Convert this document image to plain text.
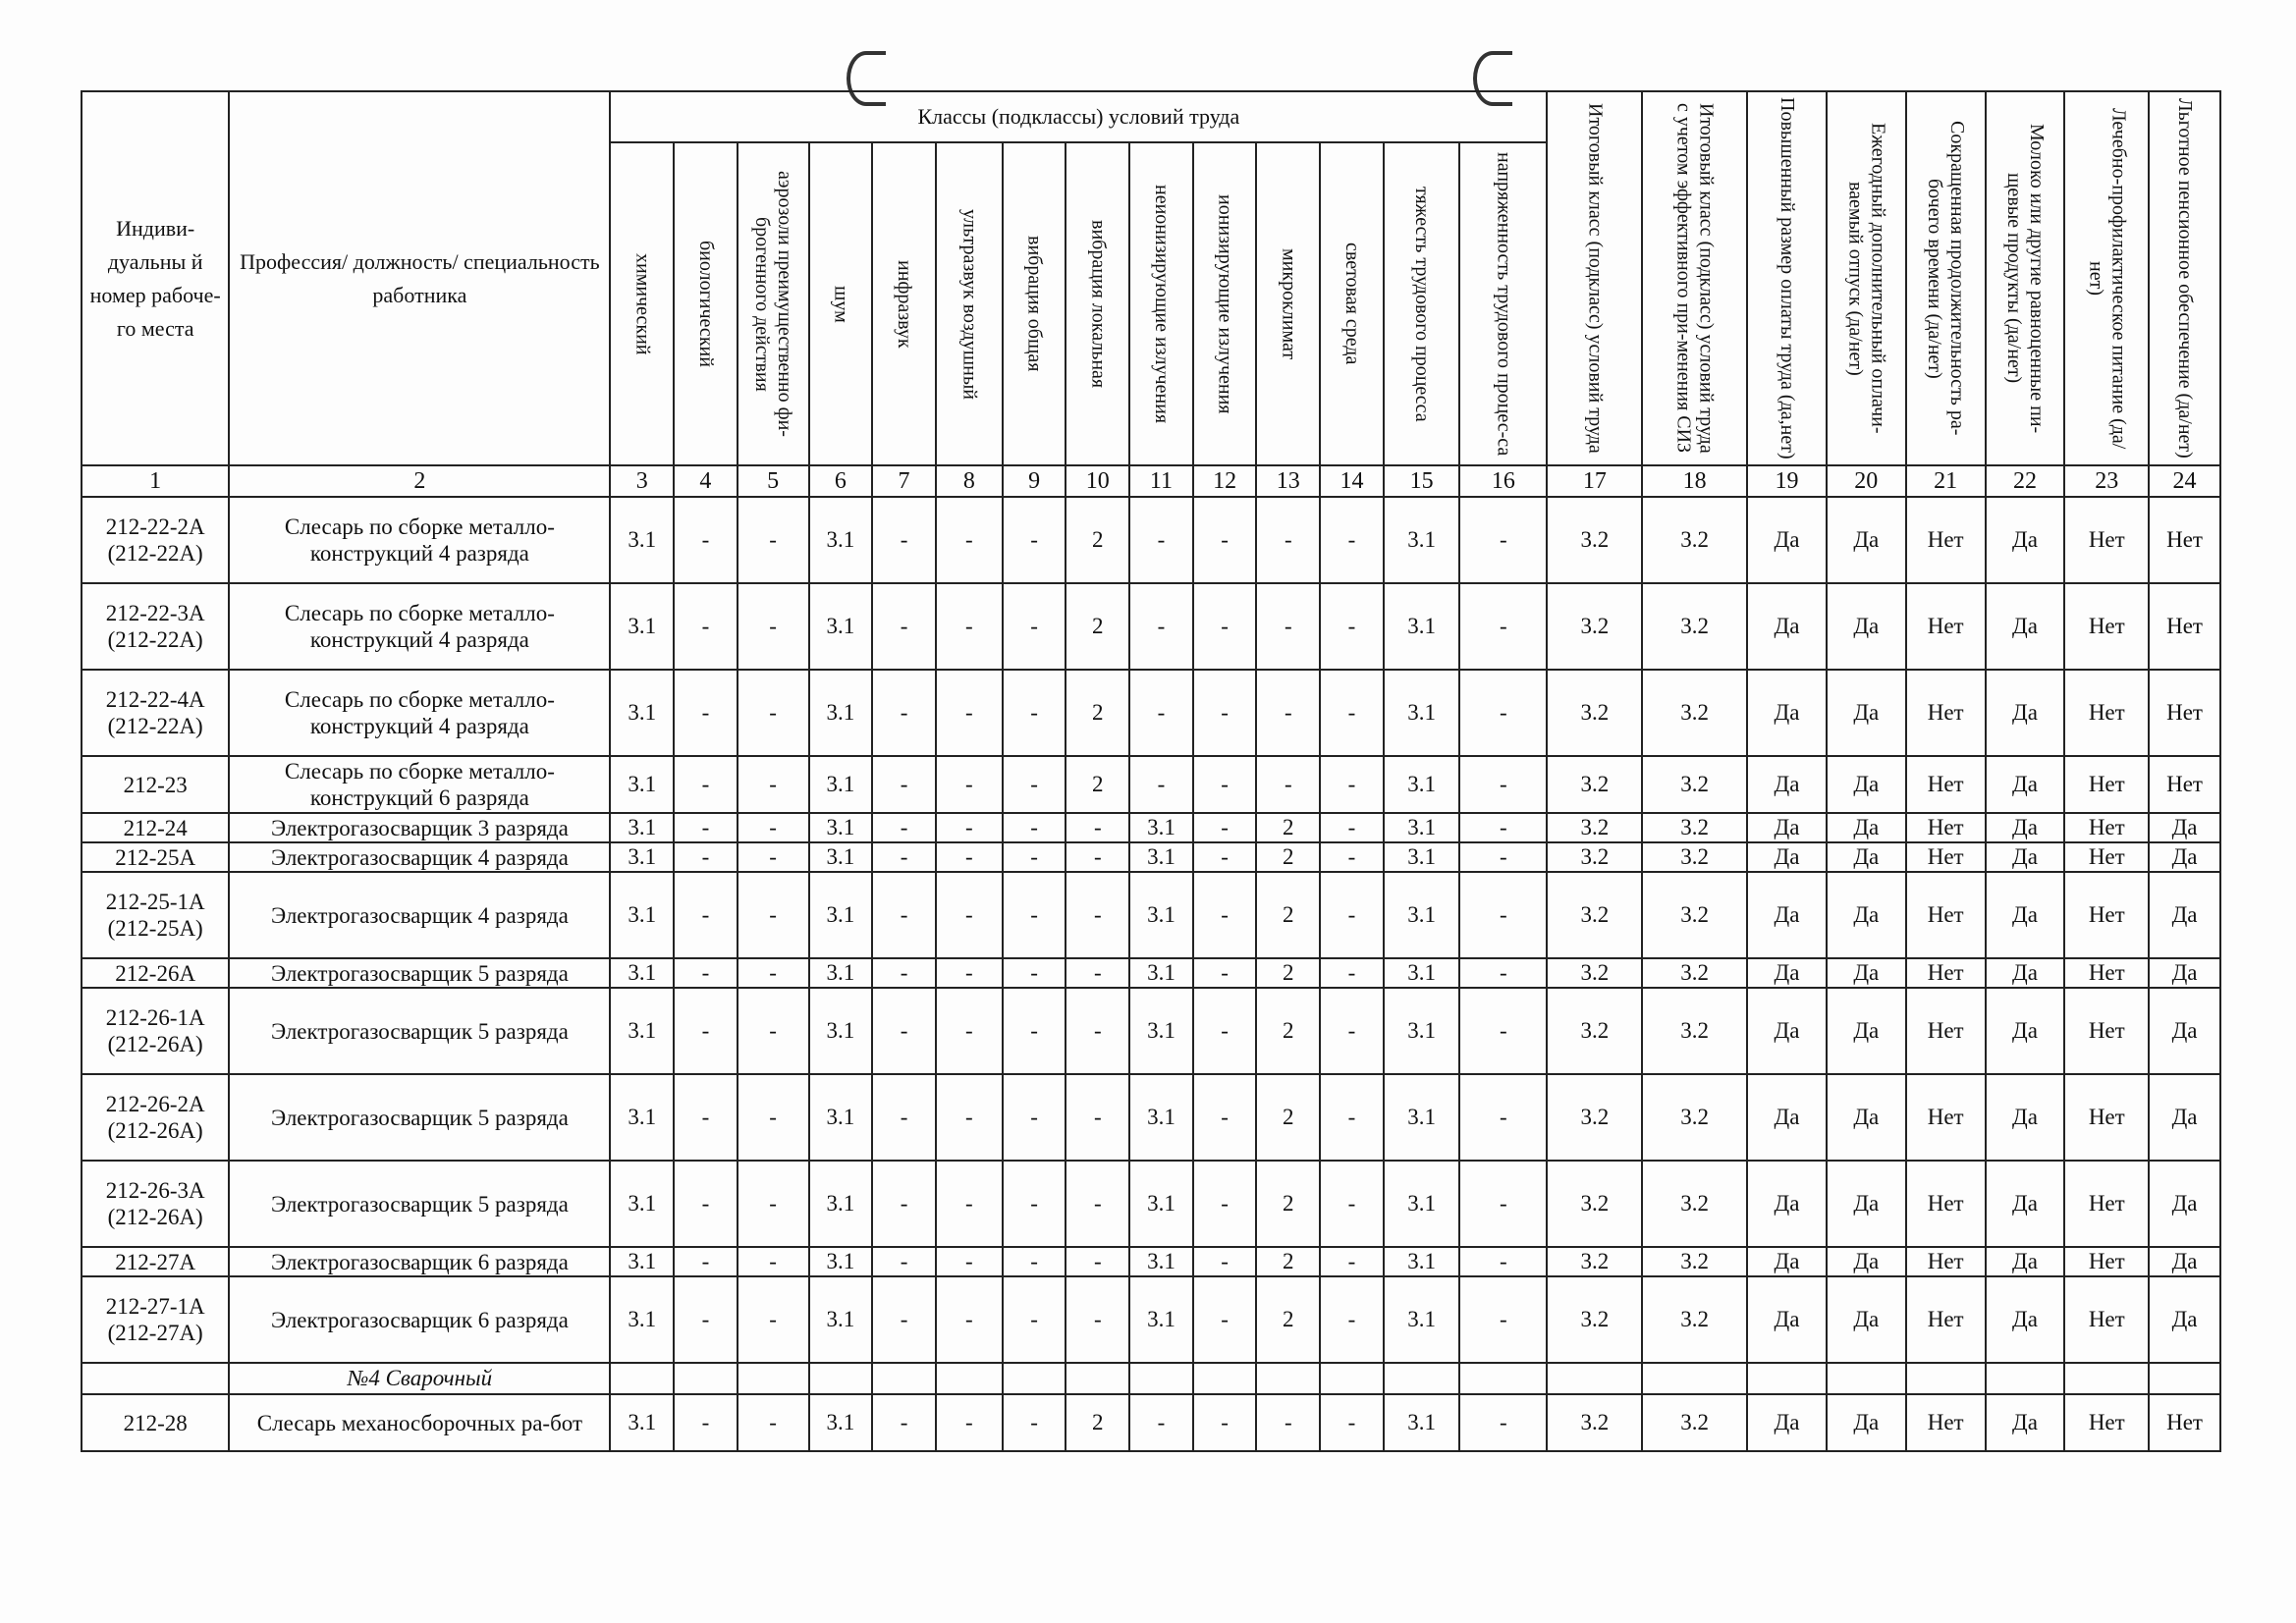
Индиви-дуальны й номер рабоче-го места	Профессия/ должность/ специальность работника	Классы (подклассы) условий труда														Итоговый класс (подкласс) условий труда	Итоговый класс (подкласс) условий труда с учетом эффективного при-менения СИЗ	Повышенный размер оплаты труда (да,нет)	Ежегодный дополнительный оплачи-ваемый отпуск (да/нет)	Сокращенная продолжительность ра-бочего времени (да/нет)	Молоко или другие равноценные пи-щевые продукты (да/нет)	Лечебно-профилактическое питание (да/нет)	Льготное пенсионное обеспечение (да/нет)

		химический	биологический	аэрозоли преимущественно фи-брогенного действия	шум	инфразвук	ультразвук воздушный	вибрация общая	вибрация локальная	неионизирующие излучения	ионизирующие излучения	микроклимат	световая среда	тяжесть трудового процесса	напряженность трудового процес-са								

1	2	3	4	5	6	7	8	9	10	11	12	13	14	15	16	17	18	19	20	21	22	23	24
212-22-2А (212-22А)	Слесарь по сборке металло-конструкций 4 разряда	3.1	-	-	3.1	-	-	-	2	-	-	-	-	3.1	-	3.2	3.2	Да	Да	Нет	Да	Нет	Нет
212-22-3А (212-22А)	Слесарь по сборке металло-конструкций 4 разряда	3.1	-	-	3.1	-	-	-	2	-	-	-	-	3.1	-	3.2	3.2	Да	Да	Нет	Да	Нет	Нет
212-22-4А (212-22А)	Слесарь по сборке металло-конструкций 4 разряда	3.1	-	-	3.1	-	-	-	2	-	-	-	-	3.1	-	3.2	3.2	Да	Да	Нет	Да	Нет	Нет
212-23	Слесарь по сборке металло-конструкций 6 разряда	3.1	-	-	3.1	-	-	-	2	-	-	-	-	3.1	-	3.2	3.2	Да	Да	Нет	Да	Нет	Нет
212-24	Электрогазосварщик 3 разряда	3.1	-	-	3.1	-	-	-	-	3.1	-	2	-	3.1	-	3.2	3.2	Да	Да	Нет	Да	Нет	Да
212-25А	Электрогазосварщик 4 разряда	3.1	-	-	3.1	-	-	-	-	3.1	-	2	-	3.1	-	3.2	3.2	Да	Да	Нет	Да	Нет	Да
212-25-1А (212-25А)	Электрогазосварщик 4 разряда	3.1	-	-	3.1	-	-	-	-	3.1	-	2	-	3.1	-	3.2	3.2	Да	Да	Нет	Да	Нет	Да
212-26А	Электрогазосварщик 5 разряда	3.1	-	-	3.1	-	-	-	-	3.1	-	2	-	3.1	-	3.2	3.2	Да	Да	Нет	Да	Нет	Да
212-26-1А (212-26А)	Электрогазосварщик 5 разряда	3.1	-	-	3.1	-	-	-	-	3.1	-	2	-	3.1	-	3.2	3.2	Да	Да	Нет	Да	Нет	Да
212-26-2А (212-26А)	Электрогазосварщик 5 разряда	3.1	-	-	3.1	-	-	-	-	3.1	-	2	-	3.1	-	3.2	3.2	Да	Да	Нет	Да	Нет	Да
212-26-3А (212-26А)	Электрогазосварщик 5 разряда	3.1	-	-	3.1	-	-	-	-	3.1	-	2	-	3.1	-	3.2	3.2	Да	Да	Нет	Да	Нет	Да
212-27А	Электрогазосварщик 6 разряда	3.1	-	-	3.1	-	-	-	-	3.1	-	2	-	3.1	-	3.2	3.2	Да	Да	Нет	Да	Нет	Да
212-27-1А (212-27А)	Электрогазосварщик 6 разряда	3.1	-	-	3.1	-	-	-	-	3.1	-	2	-	3.1	-	3.2	3.2	Да	Да	Нет	Да	Нет	Да
	№4 Сварочный																						
212-28	Слесарь механосборочных ра-бот	3.1	-	-	3.1	-	-	-	2	-	-	-	-	3.1	-	3.2	3.2	Да	Да	Нет	Да	Нет	Нет
